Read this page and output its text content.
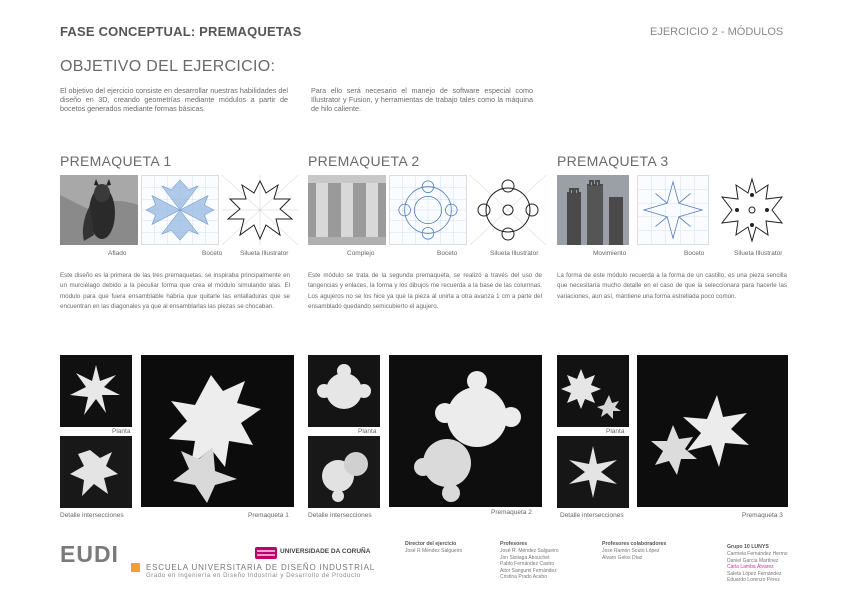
FASE CONCEPTUAL: PREMAQUETAS	EJERCICIO 2 - MÓDULOS
OBJETIVO DEL EJERCICIO:
El objetivo del ejercicio consiste en desarrollar nuestras habilidades del diseño en 3D, creando geometrías mediante módulos a partir de bocetos generados mediante formas básicas.
Para ello será necesario el manejo de software especial como Illustrator y Fusion, y herramientas de trabajo tales como la máquina de hilo caliente.
PREMAQUETA 1
Aflado	Boceto	Silueta Illustrator
Este diseño es la primera de las tres premaquetas, se inspiraba principalmente en un murciélago debido a la peculiar forma que crea el módulo simulando alas. El módulo para que fuera ensamblable habría que quitarle las entalladuras que se encuentran en las diagonales ya que al ensamblarlas las piezas se chocaban.
Planta
Detalle intersecciones	Premaqueta 1
PREMAQUETA 2
Complejo	Boceto	Silueta Illustrator
Este módulo se trata de la segunda premaqueta, se realizó a través del uso de tangencias y enlaces, la forma y los dibujos me recuerda a la base de las columnas. Los agujeros no se los hice ya que la pieza al unirla a otra avanza 1 cm a parte del ensamblado quedando semicubierto el agujero.
Planta
Detalle intersecciones	Premaqueta 2
PREMAQUETA 3
Movimiento	Boceto	Silueta Illustrator
La forma de este módulo recuerda a la forma de un castillo, es una pieza sencilla que necesitaría mucho detalle en el caso de que la seleccionara para hacerle las variaciones, aun así, mantiene una forma estrellada poco común.
Planta
Detalle intersecciones	Premaqueta 3
EUDI
ESCUELA UNIVERSITARIA DE DISEÑO INDUSTRIAL
Grado en Ingeniería en Diseño Industrial y Desarrollo de Producto
UNIVERSIDADE DA CORUÑA
Director del ejercicio
José R Méndez Salgueiro
Profesores
José R. Méndez Salgueiro
Jon Sistiaga Abouchet
Pablo Fernández Castro
Aitor Sangumi Fernández
Cristina Prado Acebo
Profesores colaboradores
Jose Ramón Souto López
Álvaro Gelos Díaz
Grupo 10 LUNYS
Carmela Fernández Hermo
Daniel García Martínez
Carla Lamba Álvarez
Saleta López Fernández
Eduardo Lorenzo Pérez
